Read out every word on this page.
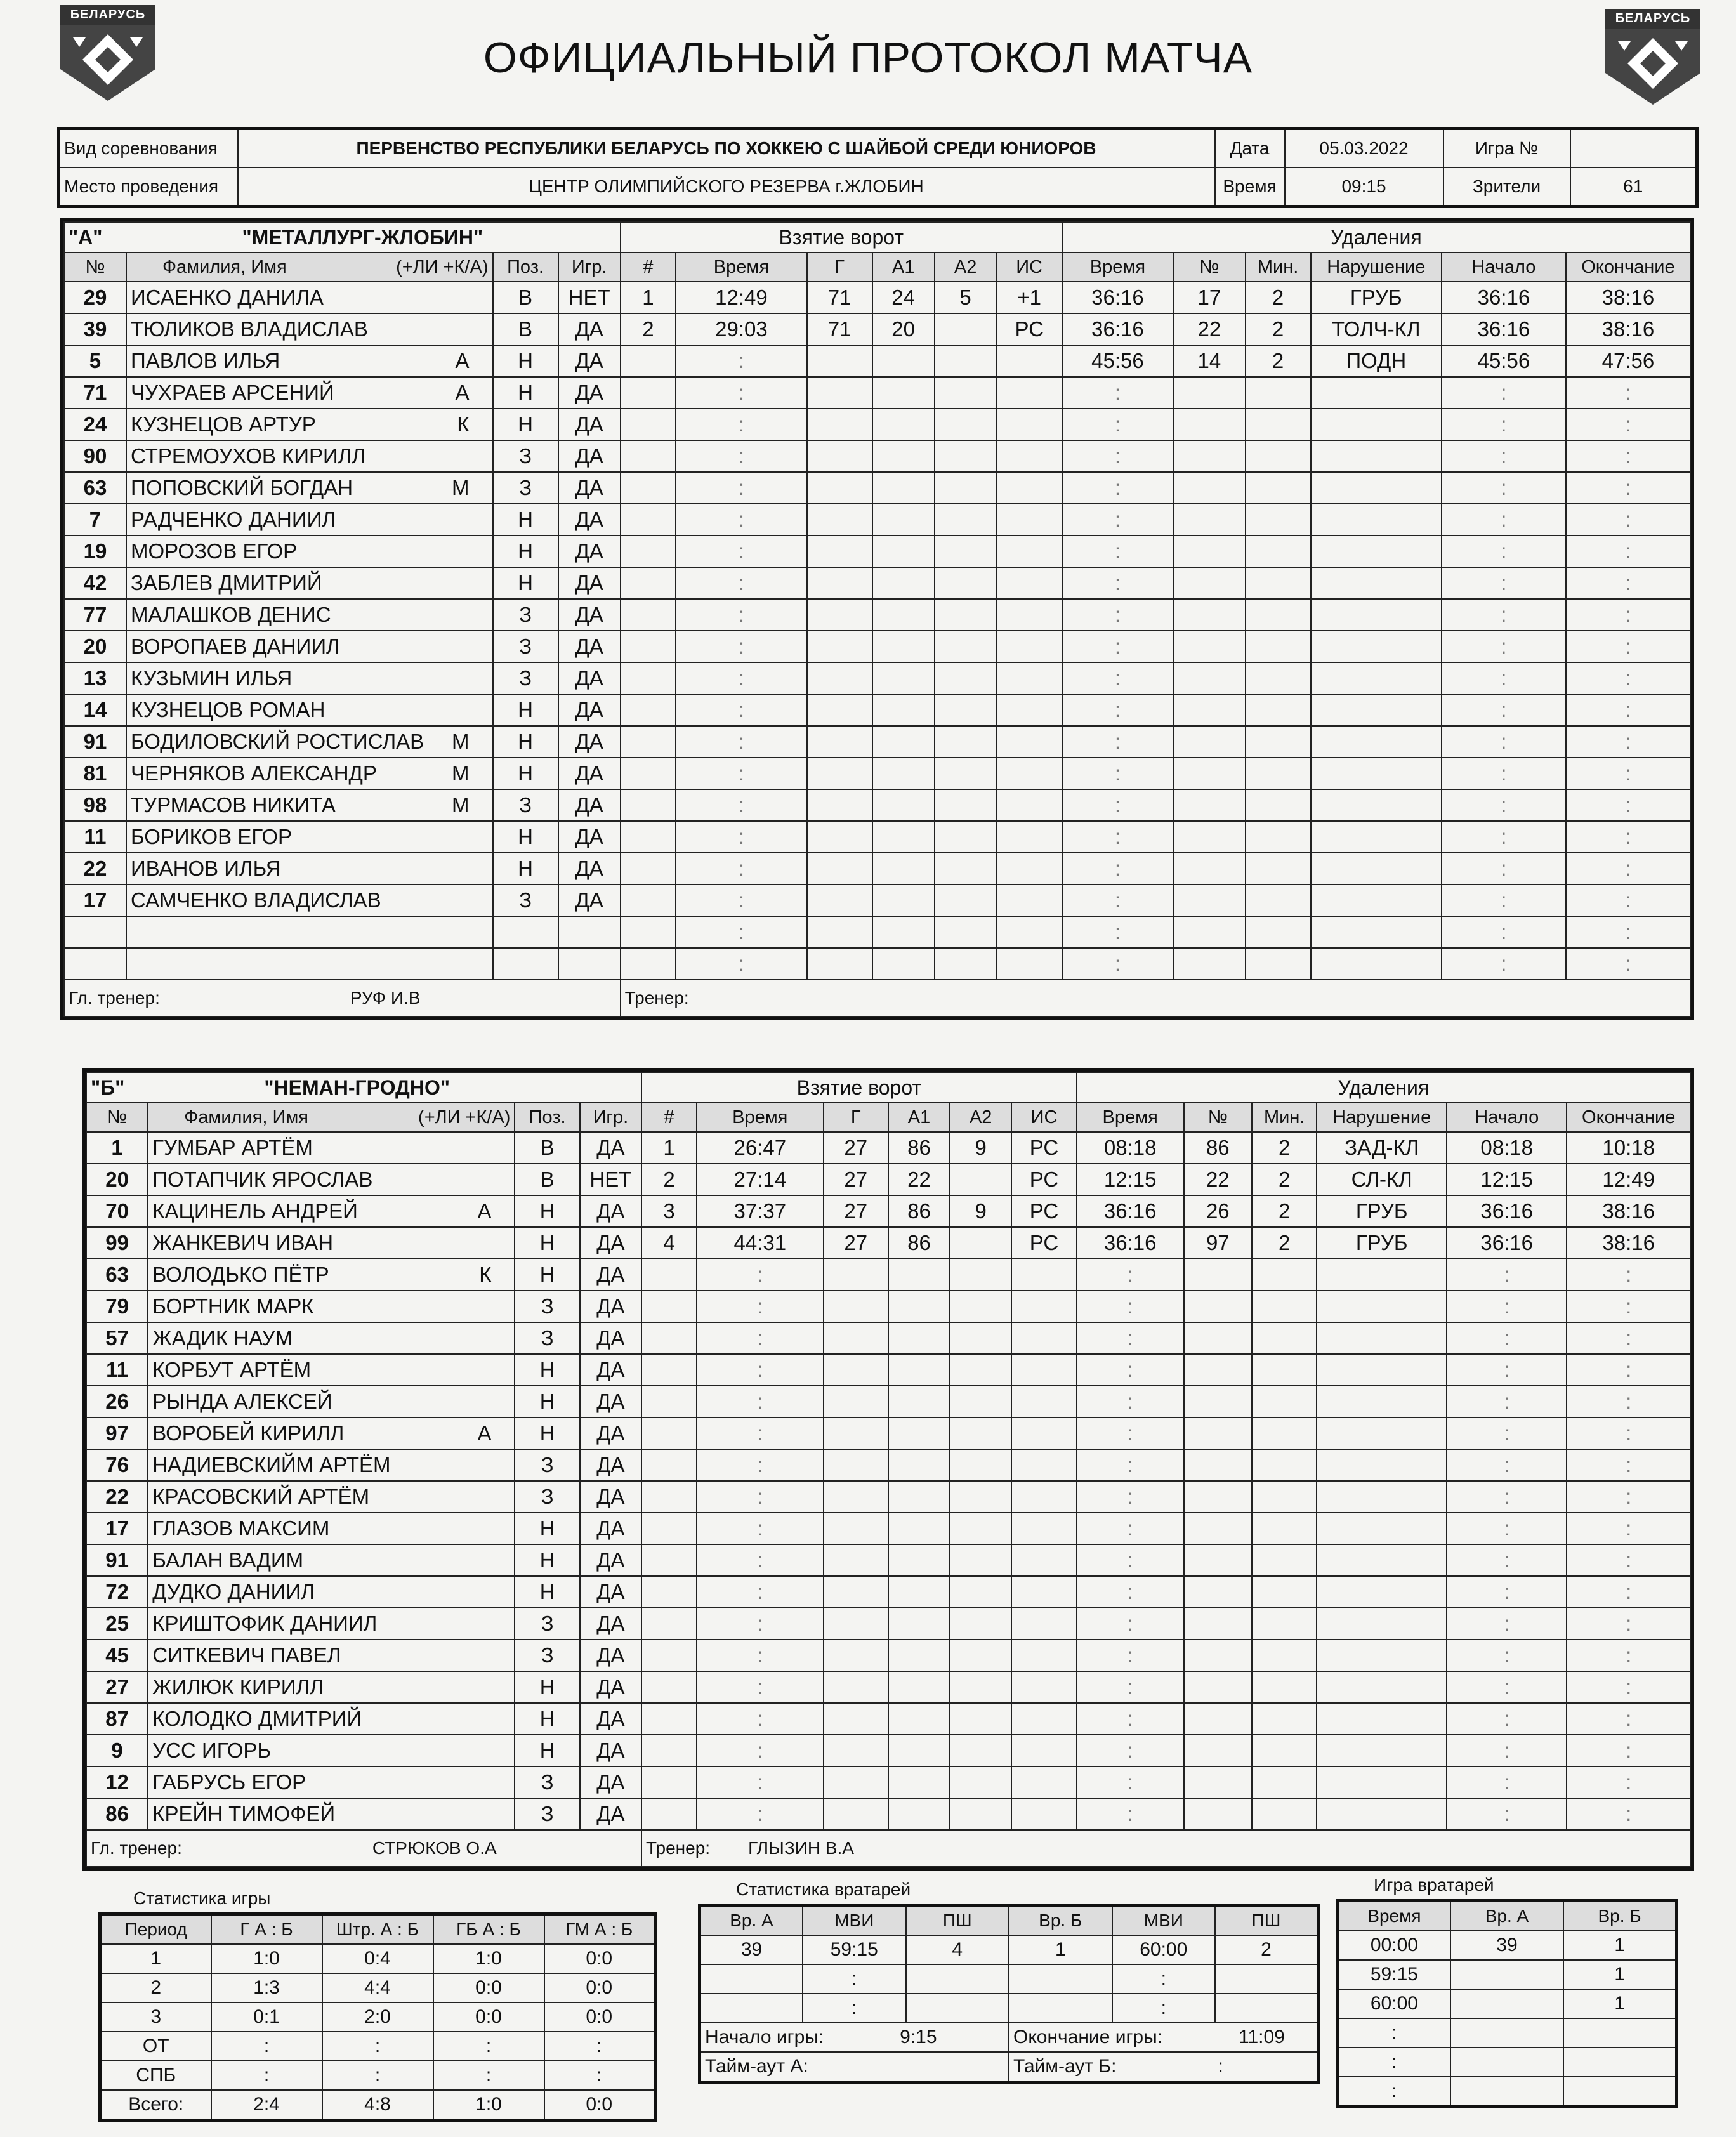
БЕЛАРУСЬ	БЕЛАРУСЬ
ОФИЦИАЛЬНЫЙ ПРОТОКОЛ МАТЧА
Вид соревнования	ПЕРВЕНСТВО РЕСПУБЛИКИ БЕЛАРУСЬ ПО ХОККЕЮ С ШАЙБОЙ СРЕДИ ЮНИОРОВ	Дата	05.03.2022	Игра №	
Место проведения	ЦЕНТР ОЛИМПИЙСКОГО РЕЗЕРВА г.ЖЛОБИН	Время	09:15	Зрители	61
"А" "МЕТАЛЛУРГ-ЖЛОБИН"				Взятие ворот						Удаления					
№	Фамилия, Имя (+ЛИ +К/А)	Поз.	Игр.	#	Время	Г	А1	А2	ИС	Время	№	Мин.	Нарушение	Начало	Окончание
29	ИСАЕНКО ДАНИЛА	В	НЕТ	1	12:49	71	24	5	+1	36:16	17	2	ГРУБ	36:16	38:16
39	ТЮЛИКОВ ВЛАДИСЛАВ	В	ДА	2	29:03	71	20		РС	36:16	22	2	ТОЛЧ-КЛ	36:16	38:16
5	ПАВЛОВ ИЛЬЯ А	Н	ДА		:					45:56	14	2	ПОДН	45:56	47:56
71	ЧУХРАЕВ АРСЕНИЙ А	Н	ДА		:					:				:	:
24	КУЗНЕЦОВ АРТУР К	Н	ДА		:					:				:	:
90	СТРЕМОУХОВ КИРИЛЛ	З	ДА		:					:				:	:
63	ПОПОВСКИЙ БОГДАН М	З	ДА		:					:				:	:
7	РАДЧЕНКО ДАНИИЛ	Н	ДА		:					:				:	:
19	МОРОЗОВ ЕГОР	Н	ДА		:					:				:	:
42	ЗАБЛЕВ ДМИТРИЙ	Н	ДА		:					:				:	:
77	МАЛАШКОВ ДЕНИС	З	ДА		:					:				:	:
20	ВОРОПАЕВ ДАНИИЛ	З	ДА		:					:				:	:
13	КУЗЬМИН ИЛЬЯ	З	ДА		:					:				:	:
14	КУЗНЕЦОВ РОМАН	Н	ДА		:					:				:	:
91	БОДИЛОВСКИЙ РОСТИСЛАВ М	Н	ДА		:					:				:	:
81	ЧЕРНЯКОВ АЛЕКСАНДР М	Н	ДА		:					:				:	:
98	ТУРМАСОВ НИКИТА М	З	ДА		:					:				:	:
11	БОРИКОВ ЕГОР	Н	ДА		:					:				:	:
22	ИВАНОВ ИЛЬЯ	Н	ДА		:					:				:	:
17	САМЧЕНКО ВЛАДИСЛАВ	З	ДА		:					:				:	:

				:					:				:	:

				:					:				:	:
Гл. тренер: РУФ И.В				Тренер:											
"Б" "НЕМАН-ГРОДНО"				Взятие ворот						Удаления					
№	Фамилия, Имя (+ЛИ +К/А)	Поз.	Игр.	#	Время	Г	А1	А2	ИС	Время	№	Мин.	Нарушение	Начало	Окончание
1	ГУМБАР АРТЁМ	В	ДА	1	26:47	27	86	9	РС	08:18	86	2	ЗАД-КЛ	08:18	10:18
20	ПОТАПЧИК ЯРОСЛАВ	В	НЕТ	2	27:14	27	22		РС	12:15	22	2	СЛ-КЛ	12:15	12:49
70	КАЦИНЕЛЬ АНДРЕЙ А	Н	ДА	3	37:37	27	86	9	РС	36:16	26	2	ГРУБ	36:16	38:16
99	ЖАНКЕВИЧ ИВАН	Н	ДА	4	44:31	27	86		РС	36:16	97	2	ГРУБ	36:16	38:16
63	ВОЛОДЬКО ПЁТР К	Н	ДА		:					:				:	:
79	БОРТНИК МАРК	З	ДА		:					:				:	:
57	ЖАДИК НАУМ	З	ДА		:					:				:	:
11	КОРБУТ АРТЁМ	Н	ДА		:					:				:	:
26	РЫНДА АЛЕКСЕЙ	Н	ДА		:					:				:	:
97	ВОРОБЕЙ КИРИЛЛ А	Н	ДА		:					:				:	:
76	НАДИЕВСКИЙМ АРТЁМ	З	ДА		:					:				:	:
22	КРАСОВСКИЙ АРТЁМ	З	ДА		:					:				:	:
17	ГЛАЗОВ МАКСИМ	Н	ДА		:					:				:	:
91	БАЛАН ВАДИМ	Н	ДА		:					:				:	:
72	ДУДКО ДАНИИЛ	Н	ДА		:					:				:	:
25	КРИШТОФИК ДАНИИЛ	З	ДА		:					:				:	:
45	СИТКЕВИЧ ПАВЕЛ	З	ДА		:					:				:	:
27	ЖИЛЮК КИРИЛЛ	Н	ДА		:					:				:	:
87	КОЛОДКО ДМИТРИЙ	Н	ДА		:					:				:	:
9	УСС ИГОРЬ	Н	ДА		:					:				:	:
12	ГАБРУСЬ ЕГОР	З	ДА		:					:				:	:
86	КРЕЙН ТИМОФЕЙ	З	ДА		:					:				:	:
Гл. тренер: СТРЮКОВ О.А				Тренер: ГЛЫЗИН В.А											
Статистика игры
Период	Г А : Б	Штр. А : Б	ГБ А : Б	ГМ А : Б
1	1:0	0:4	1:0	0:0
2	1:3	4:4	0:0	0:0
3	0:1	2:0	0:0	0:0
ОТ	:	:	:	:
СПБ	:	:	:	:
Всего:	2:4	4:8	1:0	0:0
Статистика вратарей
Вр. А	МВИ	ПШ	Вр. Б	МВИ	ПШ
39	59:15	4	1	60:00	2
	:			:	
	:			:	
Начало игры: 9:15			Окончание игры: 11:09		
Тайм-аут А:			Тайм-аут Б: :		
Игра вратарей
Время	Вр. А	Вр. Б
00:00	39	1
59:15		1
60:00		1
:		
:		
:		
